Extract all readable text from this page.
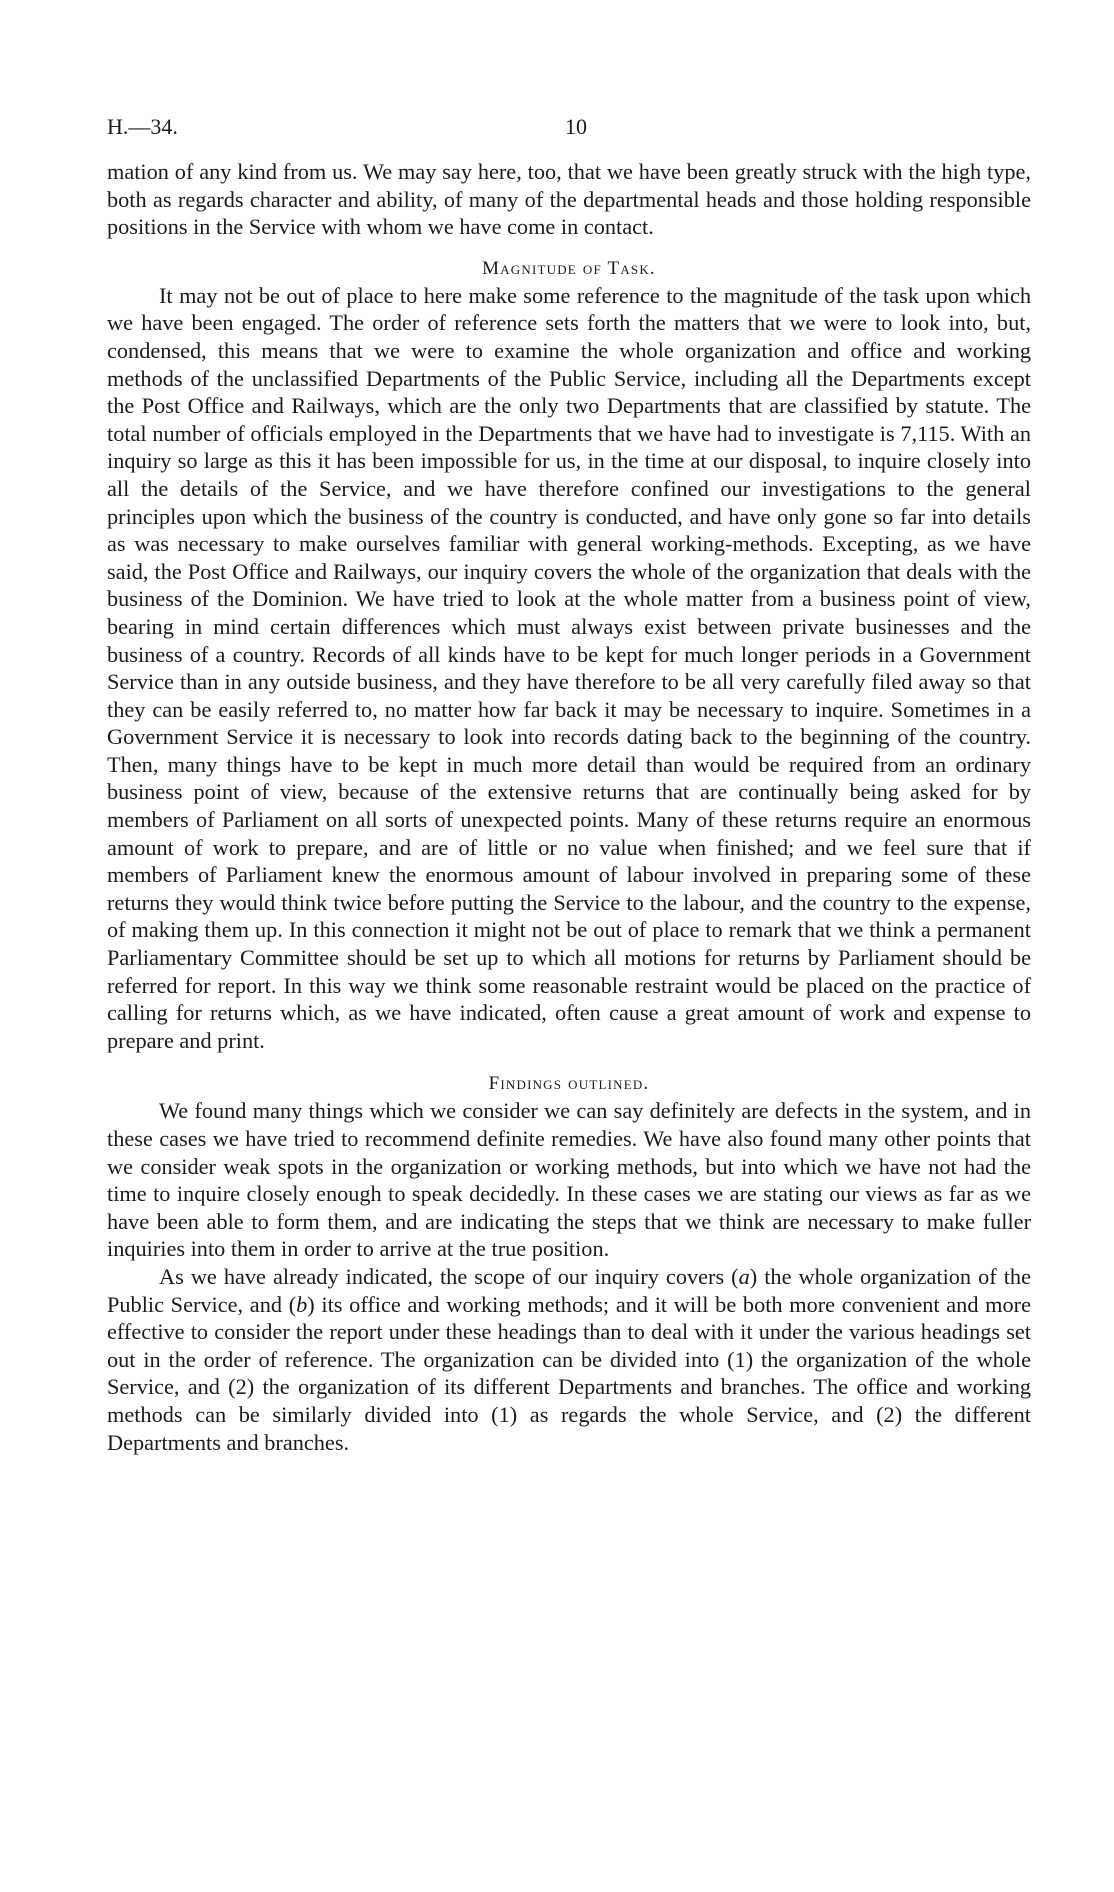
H.—34.	10

mation of any kind from us. We may say here, too, that we have been greatly struck with the high type, both as regards character and ability, of many of the departmental heads and those holding responsible positions in the Service with whom we have come in contact.

Magnitude of Task.

It may not be out of place to here make some reference to the magnitude of the task upon which we have been engaged. The order of reference sets forth the matters that we were to look into, but, condensed, this means that we were to examine the whole organization and office and working methods of the unclassified Departments of the Public Service, including all the Departments except the Post Office and Railways, which are the only two Departments that are classified by statute. The total number of officials employed in the Departments that we have had to investigate is 7,115. With an inquiry so large as this it has been impossible for us, in the time at our disposal, to inquire closely into all the details of the Service, and we have therefore confined our investigations to the general principles upon which the business of the country is conducted, and have only gone so far into details as was necessary to make ourselves familiar with general working-methods. Excepting, as we have said, the Post Office and Railways, our inquiry covers the whole of the organization that deals with the business of the Dominion. We have tried to look at the whole matter from a business point of view, bearing in mind certain differences which must always exist between private businesses and the business of a country. Records of all kinds have to be kept for much longer periods in a Government Service than in any outside business, and they have therefore to be all very carefully filed away so that they can be easily referred to, no matter how far back it may be necessary to inquire. Sometimes in a Government Service it is necessary to look into records dating back to the beginning of the country. Then, many things have to be kept in much more detail than would be required from an ordinary business point of view, because of the extensive returns that are continually being asked for by members of Parliament on all sorts of unexpected points. Many of these returns require an enormous amount of work to prepare, and are of little or no value when finished; and we feel sure that if members of Parliament knew the enormous amount of labour involved in preparing some of these returns they would think twice before putting the Service to the labour, and the country to the expense, of making them up. In this connection it might not be out of place to remark that we think a permanent Parliamentary Committee should be set up to which all motions for returns by Parliament should be referred for report. In this way we think some reasonable restraint would be placed on the practice of calling for returns which, as we have indicated, often cause a great amount of work and expense to prepare and print.

Findings outlined.

We found many things which we consider we can say definitely are defects in the system, and in these cases we have tried to recommend definite remedies. We have also found many other points that we consider weak spots in the organization or working methods, but into which we have not had the time to inquire closely enough to speak decidedly. In these cases we are stating our views as far as we have been able to form them, and are indicating the steps that we think are necessary to make fuller inquiries into them in order to arrive at the true position.

As we have already indicated, the scope of our inquiry covers (a) the whole organization of the Public Service, and (b) its office and working methods; and it will be both more convenient and more effective to consider the report under these headings than to deal with it under the various headings set out in the order of reference. The organization can be divided into (1) the organization of the whole Service, and (2) the organization of its different Departments and branches. The office and working methods can be similarly divided into (1) as regards the whole Service, and (2) the different Departments and branches.
